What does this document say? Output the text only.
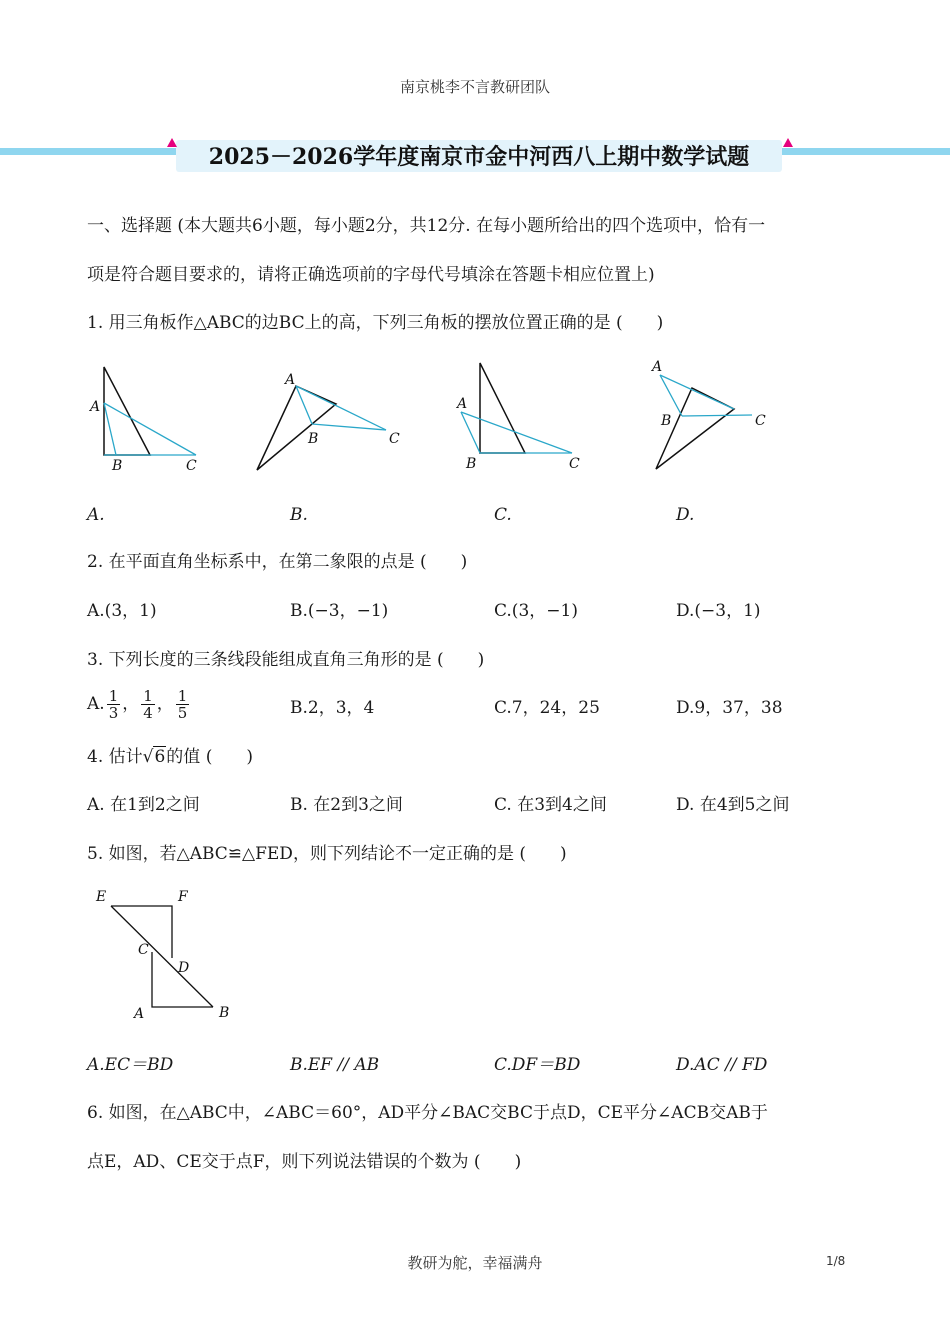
南京桃李不言教研团队
2025－2026学年度南京市金中河西八上期中数学试题
一、选择题 (本大题共6小题，每小题2分，共12分. 在每小题所给出的四个选项中，恰有一
项是符合题目要求的，请将正确选项前的字母代号填涂在答题卡相应位置上)
1. 用三角板作△ABC的边BC上的高，下列三角板的摆放位置正确的是 (　　)
A
B	C
A
B	C
A
B	C
A
B	C
A.	B.	C.	D.
2. 在平面直角坐标系中，在第二象限的点是 (　　)
A.(3，1)	B.(−3，−1)	C.(3，−1)	D.(−3，1)
3. 下列长度的三条线段能组成直角三角形的是 (　　)
A. $\frac{1}{3}$ ， $\frac{1}{4}$ ， $\frac{1}{5}$	B.2，3，4	C.7，24，25	D.9，37，38
4. 估计√6的值 (　　)
A. 在1到2之间	B. 在2到3之间	C. 在3到4之间	D. 在4到5之间
5. 如图，若△ABC≌△FED，则下列结论不一定正确的是 (　　)
E	F
C
D
A	B
A.EC＝BD	B.EF // AB	C.DF＝BD	D.AC // FD
6. 如图，在△ABC中，∠ABC＝60°，AD平分∠BAC交BC于点D，CE平分∠ACB交AB于
点E，AD、CE交于点F，则下列说法错误的个数为 (　　)
教研为舵，幸福满舟	1/8
